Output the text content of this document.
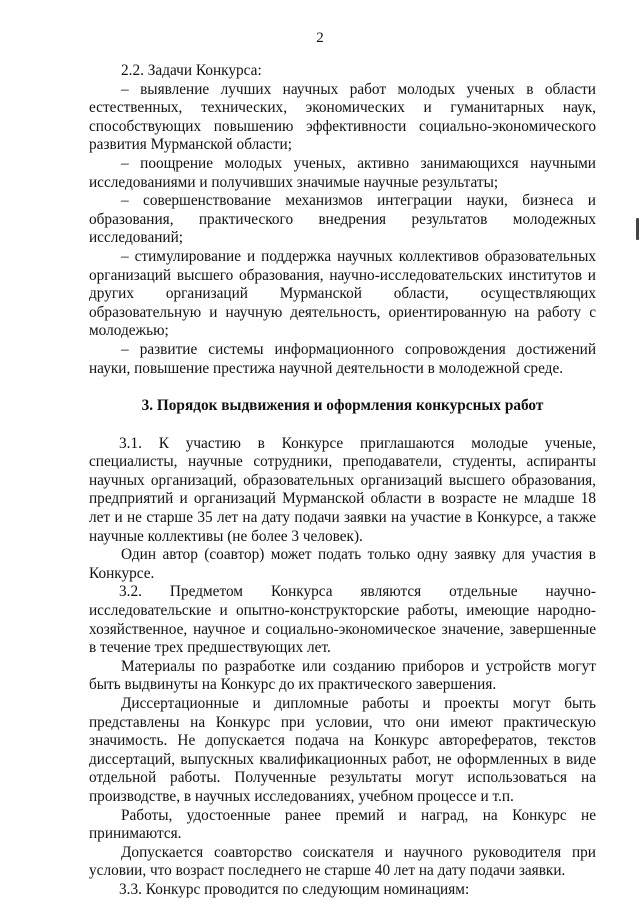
2

2.2. Задачи Конкурса:

– выявление лучших научных работ молодых ученых в области естественных, технических, экономических и гуманитарных наук, способствующих повышению эффективности социально-экономического развития Мурманской области;

– поощрение молодых ученых, активно занимающихся научными исследованиями и получивших значимые научные результаты;

– совершенствование механизмов интеграции науки, бизнеса и образования, практического внедрения результатов молодежных исследований;

– стимулирование и поддержка научных коллективов образовательных организаций высшего образования, научно-исследовательских институтов и других организаций Мурманской области, осуществляющих образовательную и научную деятельность, ориентированную на работу с молодежью;

– развитие системы информационного сопровождения достижений науки, повышение престижа научной деятельности в молодежной среде.

3. Порядок выдвижения и оформления конкурсных работ

3.1. К участию в Конкурсе приглашаются молодые ученые, специалисты, научные сотрудники, преподаватели, студенты, аспиранты научных организаций, образовательных организаций высшего образования, предприятий и организаций Мурманской области в возрасте не младше 18 лет и не старше 35 лет на дату подачи заявки на участие в Конкурсе, а также научные коллективы (не более 3 человек).

Один автор (соавтор) может подать только одну заявку для участия в Конкурсе.

3.2. Предметом Конкурса являются отдельные научно-исследовательские и опытно-конструкторские работы, имеющие народно-хозяйственное, научное и социально-экономическое значение, завершенные в течение трех предшествующих лет.

Материалы по разработке или созданию приборов и устройств могут быть выдвинуты на Конкурс до их практического завершения.

Диссертационные и дипломные работы и проекты могут быть представлены на Конкурс при условии, что они имеют практическую значимость. Не допускается подача на Конкурс авторефератов, текстов диссертаций, выпускных квалификационных работ, не оформленных в виде отдельной работы. Полученные результаты могут использоваться на производстве, в научных исследованиях, учебном процессе и т.п.

Работы, удостоенные ранее премий и наград, на Конкурс не принимаются.

Допускается соавторство соискателя и научного руководителя при условии, что возраст последнего не старше 40 лет на дату подачи заявки.

3.3. Конкурс проводится по следующим номинациям:
